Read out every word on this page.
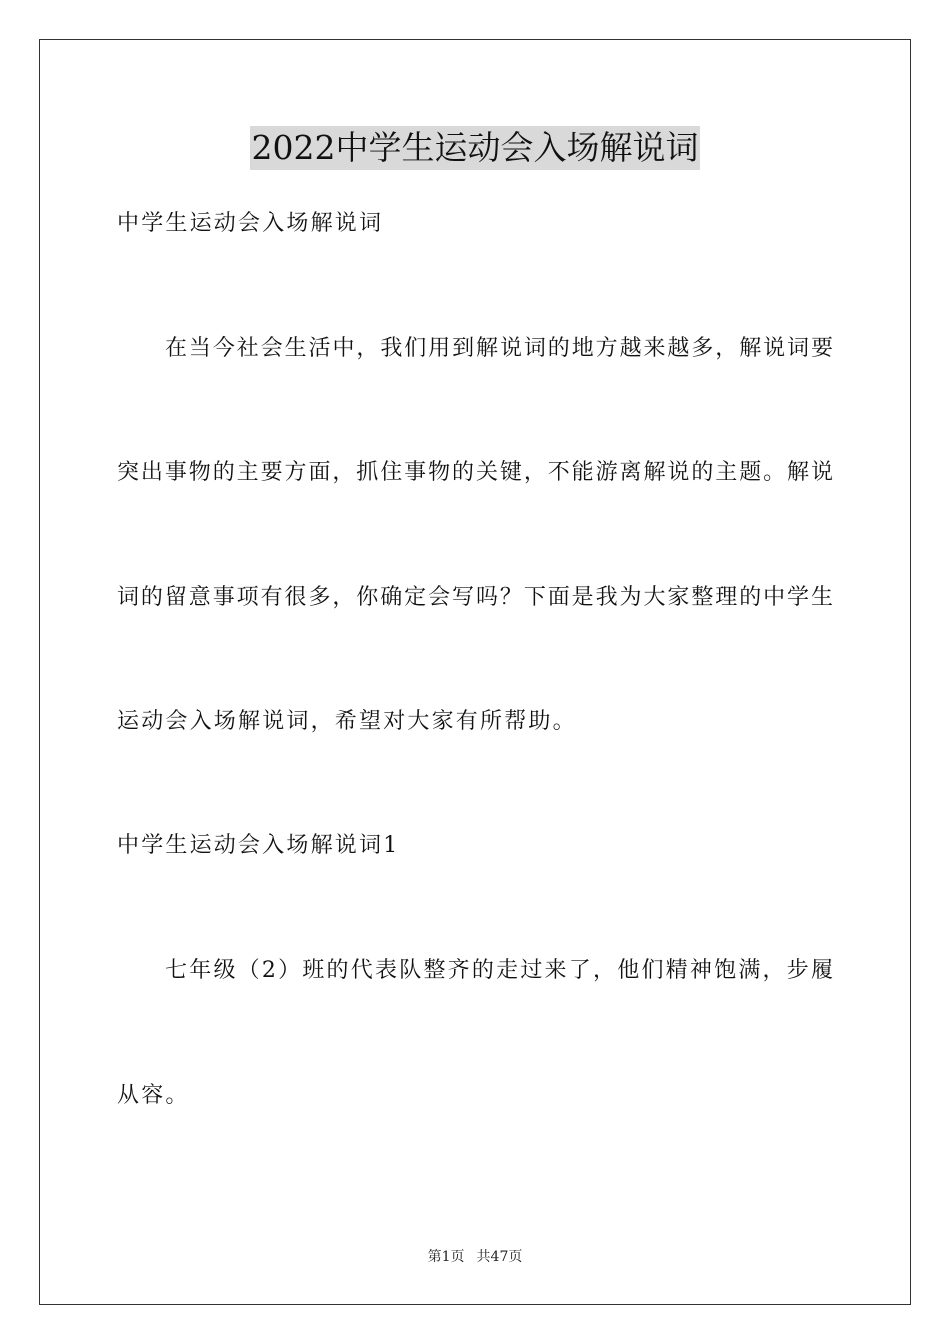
2022中学生运动会入场解说词
中学生运动会入场解说词
在当今社会生活中，我们用到解说词的地方越来越多，解说词要
突出事物的主要方面，抓住事物的关键，不能游离解说的主题。解说
词的留意事项有很多，你确定会写吗？下面是我为大家整理的中学生
运动会入场解说词，希望对大家有所帮助。
中学生运动会入场解说词1
七年级（2）班的代表队整齐的走过来了，他们精神饱满，步履
从容。
第1页 共47页
